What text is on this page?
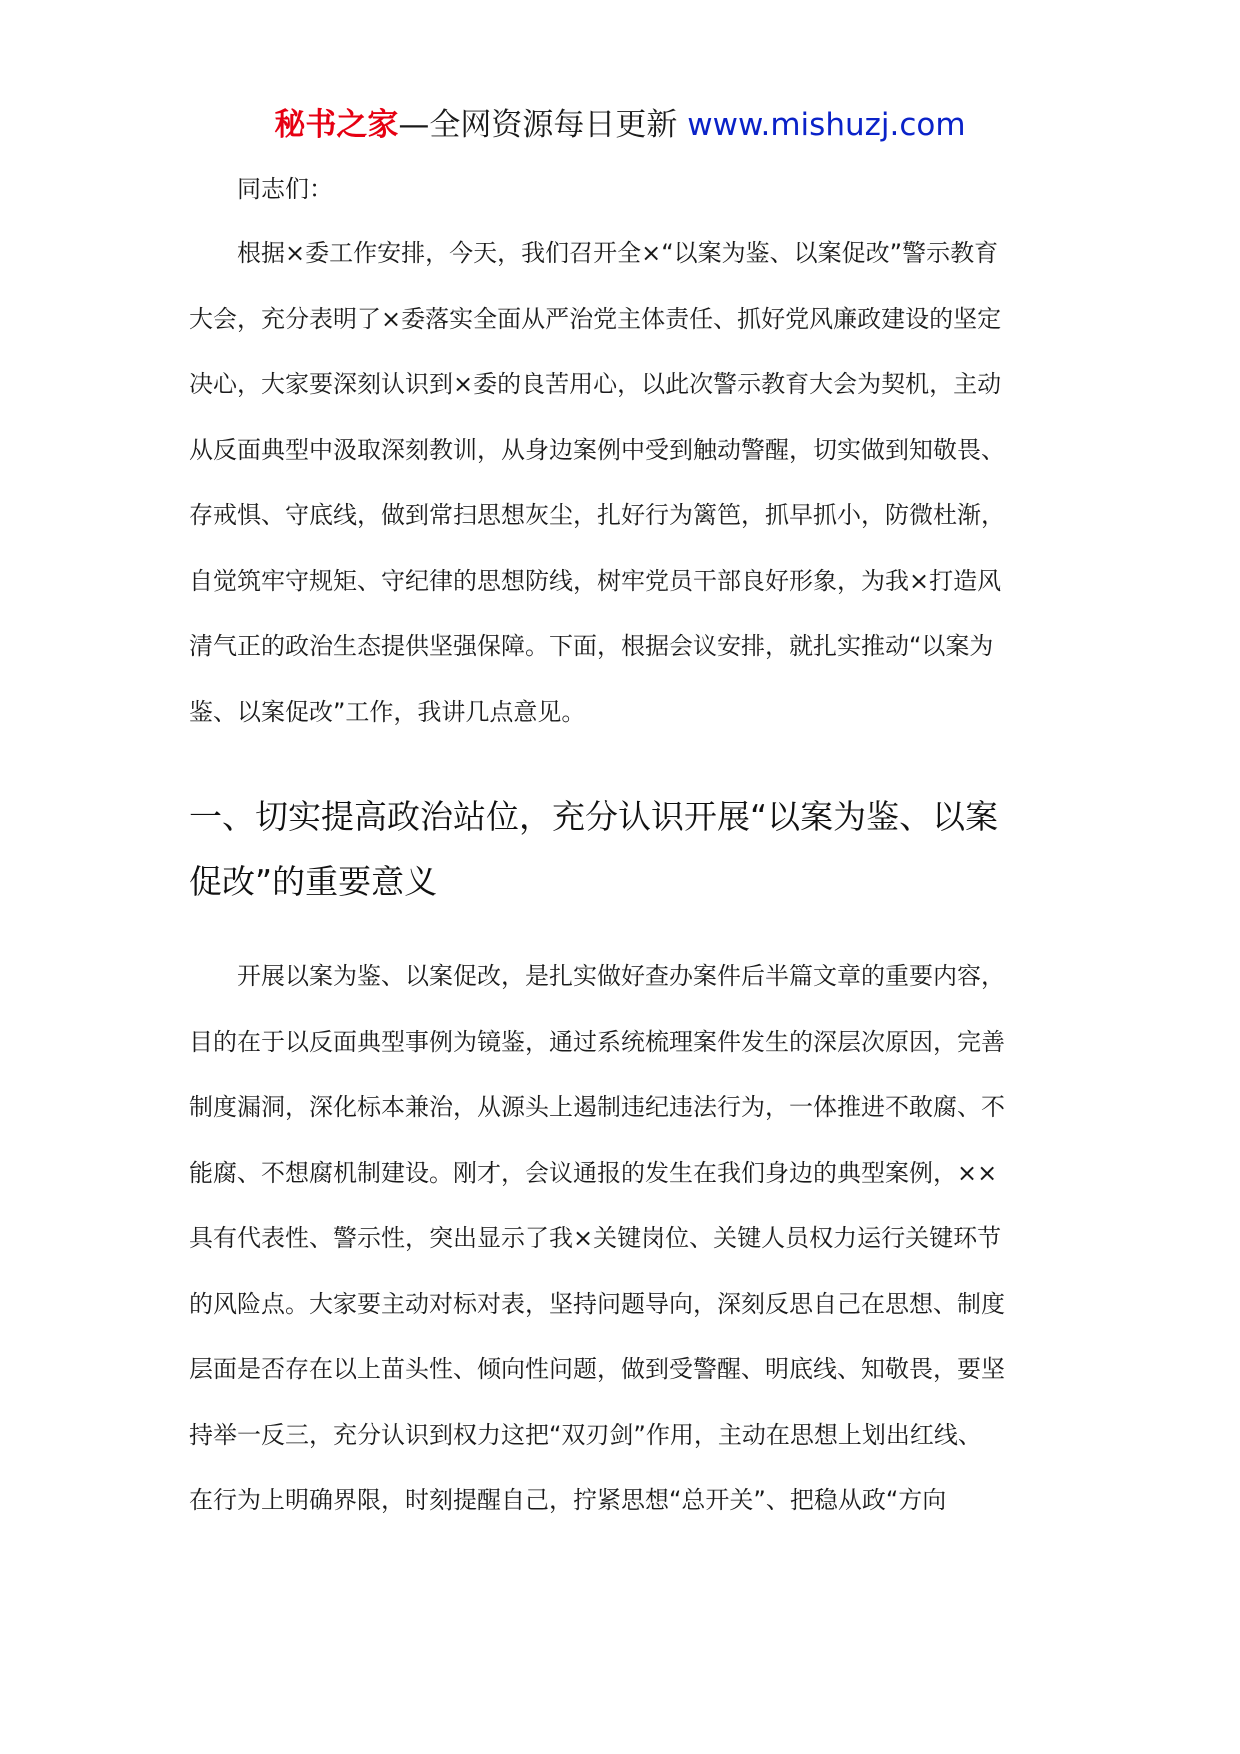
秘书之家—全网资源每日更新 www.mishuzj.com

同志们：

根据×委工作安排，今天，我们召开全×“以案为鉴、以案促改”警示教育
大会，充分表明了×委落实全面从严治党主体责任、抓好党风廉政建设的坚定
决心，大家要深刻认识到×委的良苦用心，以此次警示教育大会为契机，主动
从反面典型中汲取深刻教训，从身边案例中受到触动警醒，切实做到知敬畏、
存戒惧、守底线，做到常扫思想灰尘，扎好行为篱笆，抓早抓小，防微杜渐，
自觉筑牢守规矩、守纪律的思想防线，树牢党员干部良好形象，为我×打造风
清气正的政治生态提供坚强保障。下面，根据会议安排，就扎实推动“以案为
鉴、以案促改”工作，我讲几点意见。

一、切实提高政治站位，充分认识开展“以案为鉴、以案
促改”的重要意义

开展以案为鉴、以案促改，是扎实做好查办案件后半篇文章的重要内容，
目的在于以反面典型事例为镜鉴，通过系统梳理案件发生的深层次原因，完善
制度漏洞，深化标本兼治，从源头上遏制违纪违法行为，一体推进不敢腐、不
能腐、不想腐机制建设。刚才，会议通报的发生在我们身边的典型案例，××
具有代表性、警示性，突出显示了我×关键岗位、关键人员权力运行关键环节
的风险点。大家要主动对标对表，坚持问题导向，深刻反思自己在思想、制度
层面是否存在以上苗头性、倾向性问题，做到受警醒、明底线、知敬畏，要坚
持举一反三，充分认识到权力这把“双刃剑”作用，主动在思想上划出红线、
在行为上明确界限，时刻提醒自己，拧紧思想“总开关”、把稳从政“方向
